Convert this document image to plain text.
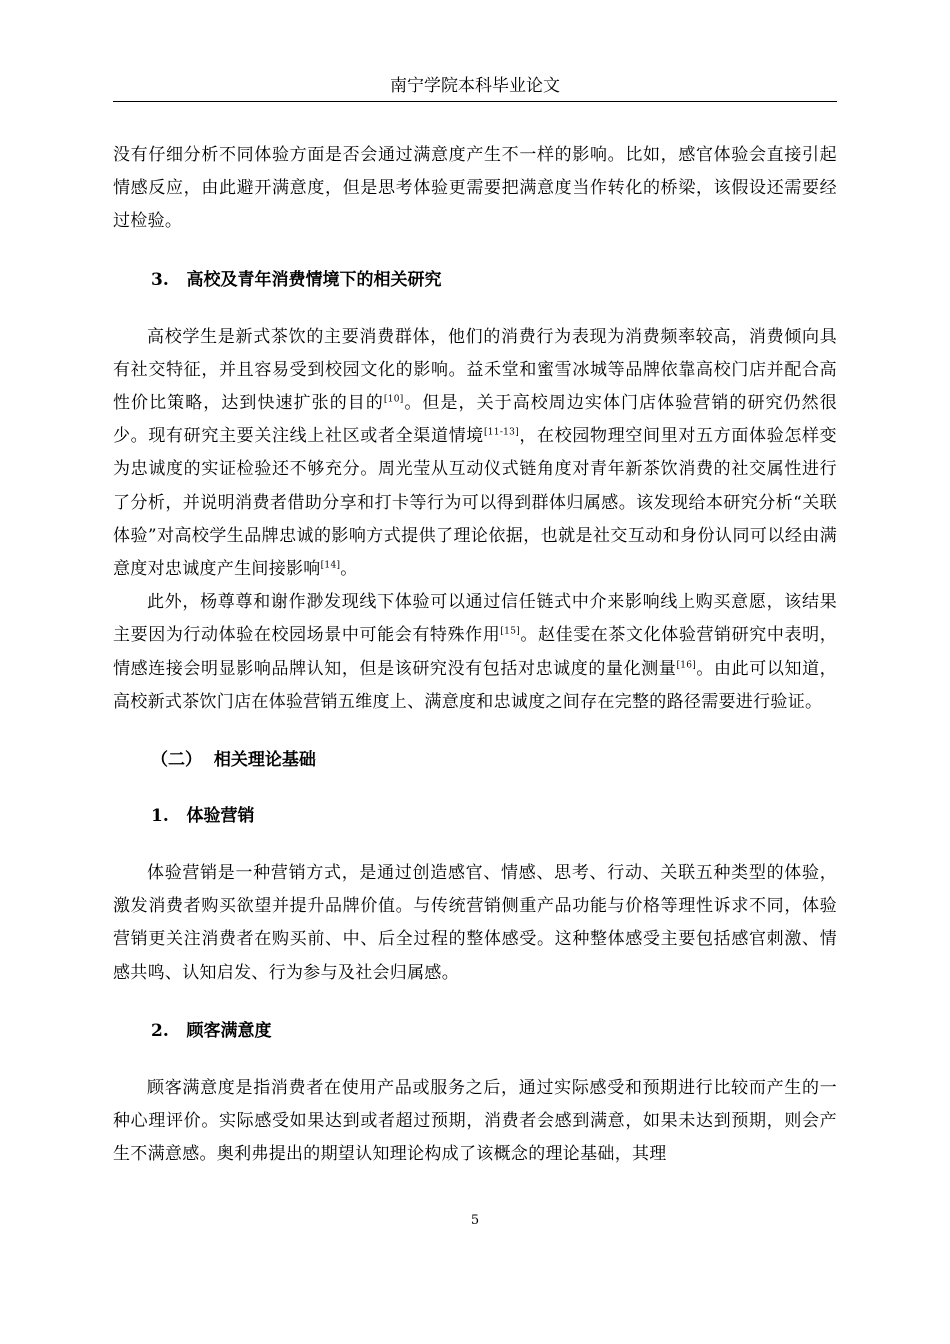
南宁学院本科毕业论文

没有仔细分析不同体验方面是否会通过满意度产生不一样的影响。比如，感官体验会直接引起情感反应，由此避开满意度，但是思考体验更需要把满意度当作转化的桥梁，该假设还需要经过检验。

3. 高校及青年消费情境下的相关研究

高校学生是新式茶饮的主要消费群体，他们的消费行为表现为消费频率较高，消费倾向具有社交特征，并且容易受到校园文化的影响。益禾堂和蜜雪冰城等品牌依靠高校门店并配合高性价比策略，达到快速扩张的目的[10]。但是，关于高校周边实体门店体验营销的研究仍然很少。现有研究主要关注线上社区或者全渠道情境[11-13]，在校园物理空间里对五方面体验怎样变为忠诚度的实证检验还不够充分。周光莹从互动仪式链角度对青年新茶饮消费的社交属性进行了分析，并说明消费者借助分享和打卡等行为可以得到群体归属感。该发现给本研究分析“关联体验”对高校学生品牌忠诚的影响方式提供了理论依据，也就是社交互动和身份认同可以经由满意度对忠诚度产生间接影响[14]。

此外，杨尊尊和谢作渺发现线下体验可以通过信任链式中介来影响线上购买意愿，该结果主要因为行动体验在校园场景中可能会有特殊作用[15]。赵佳雯在茶文化体验营销研究中表明，情感连接会明显影响品牌认知，但是该研究没有包括对忠诚度的量化测量[16]。由此可以知道，高校新式茶饮门店在体验营销五维度上、满意度和忠诚度之间存在完整的路径需要进行验证。

（二） 相关理论基础
1. 体验营销

体验营销是一种营销方式，是通过创造感官、情感、思考、行动、关联五种类型的体验，激发消费者购买欲望并提升品牌价值。与传统营销侧重产品功能与价格等理性诉求不同，体验营销更关注消费者在购买前、中、后全过程的整体感受。这种整体感受主要包括感官刺激、情感共鸣、认知启发、行为参与及社会归属感。

2. 顾客满意度

顾客满意度是指消费者在使用产品或服务之后，通过实际感受和预期进行比较而产生的一种心理评价。实际感受如果达到或者超过预期，消费者会感到满意，如果未达到预期，则会产生不满意感。奥利弗提出的期望认知理论构成了该概念的理论基础，其理

5
